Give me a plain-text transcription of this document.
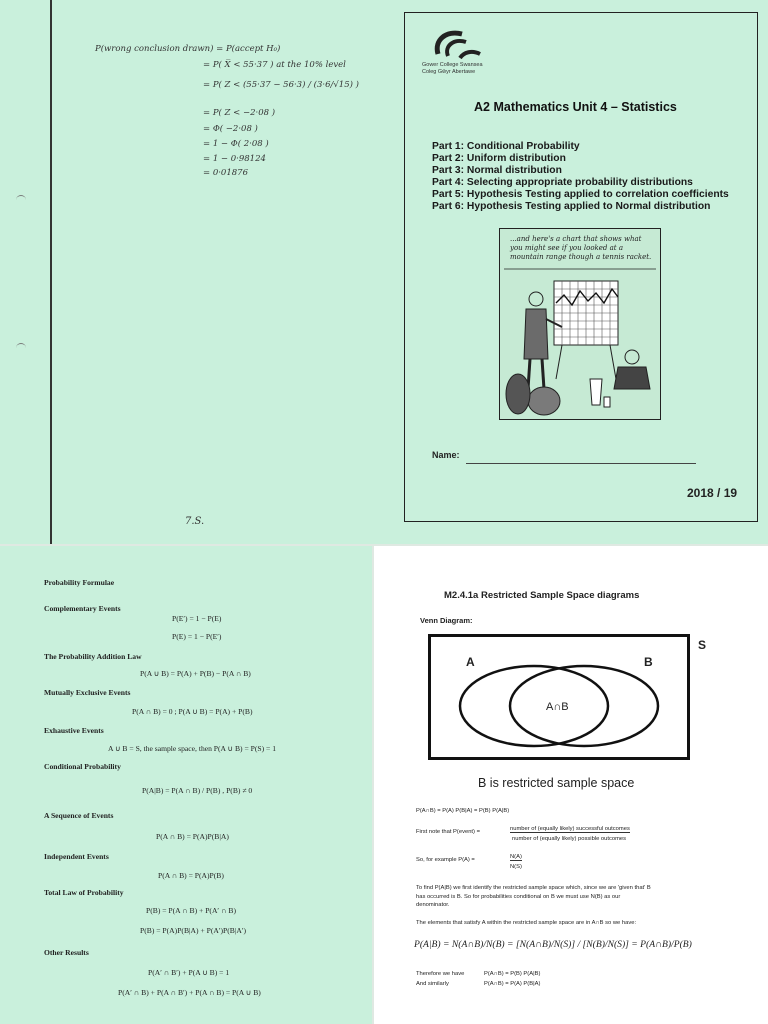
P(wrong conclusion drawn) = P(accept H₀)
= P( X̅ < 55·37 ) at the 10% level
= P( Z < (55·37 − 56·3) / (3·6/√15) )
= P( Z < −2·08 )
= Φ( −2·08 )
= 1 − Φ( 2·08 )
= 1 − 0·98124
= 0·01876
7.S.
Gower College Swansea
Coleg Gŵyr Abertawe
A2 Mathematics Unit 4 – Statistics
Part 1: Conditional Probability
Part 2: Uniform distribution
Part 3: Normal distribution
Part 4: Selecting appropriate probability distributions
Part 5: Hypothesis Testing applied to correlation coefficients
Part 6: Hypothesis Testing applied to Normal distribution
...and here's a chart that shows what
you might see if you looked at a
mountain range though a tennis racket.
Name:
2018 / 19
Probability Formulae
Complementary Events
P(E′) = 1 − P(E)
P(E) = 1 − P(E′)
The Probability Addition Law
P(A ∪ B) = P(A) + P(B) − P(A ∩ B)
Mutually Exclusive Events
P(A ∩ B) = 0 ; P(A ∪ B) = P(A) + P(B)
Exhaustive Events
A ∪ B = S, the sample space, then P(A ∪ B) = P(S) = 1
Conditional Probability
P(A|B) = P(A ∩ B) / P(B) , P(B) ≠ 0
A Sequence of Events
P(A ∩ B) = P(A)P(B|A)
Independent Events
P(A ∩ B) = P(A)P(B)
Total Law of Probability
P(B) = P(A ∩ B) + P(A′ ∩ B)
P(B) = P(A)P(B|A) + P(A′)P(B|A′)
Other Results
P(A′ ∩ B′) + P(A ∪ B) = 1
P(A′ ∩ B) + P(A ∩ B′) + P(A ∩ B) = P(A ∪ B)
M2.4.1a Restricted Sample Space diagrams
Venn Diagram:
A	B
A∩B
S
B is restricted sample space
P(A∩B) = P(A) P(B|A) = P(B) P(A|B)
First note that P(event) =	number of (equally likely) successful outcomes
number of (equally likely) possible outcomes
So, for example P(A) =	N(A)
N(S)
To find P(A|B) we first identify the restricted sample space which, since we are 'given that' B
has occurred is B. So for probabilities conditional on B we must use N(B) as our
denominator.
The elements that satisfy A within the restricted sample space are in A∩B so we have:
P(A|B) = N(A∩B)/N(B) = [N(A∩B)/N(S)] / [N(B)/N(S)] = P(A∩B)/P(B)
Therefore we have	P(A∩B) = P(B) P(A|B)
And similarly	P(A∩B) = P(A) P(B|A)
